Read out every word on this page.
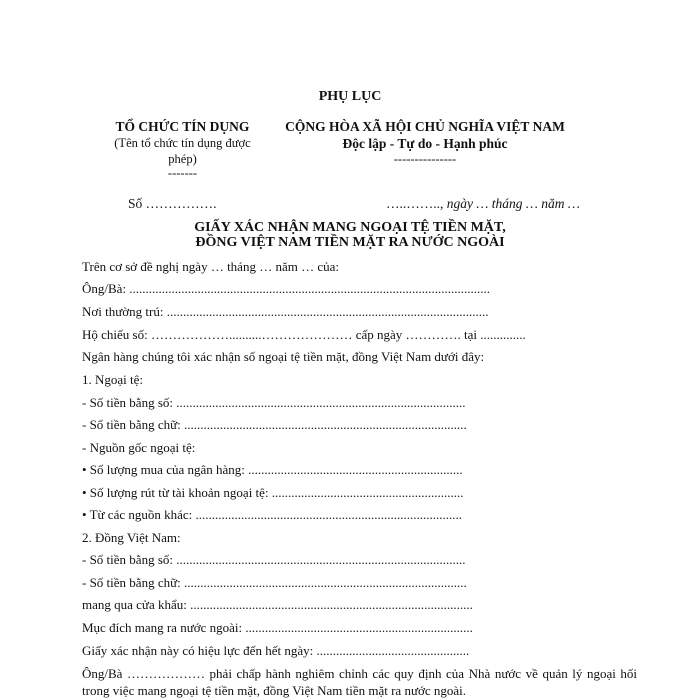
PHỤ LỤC
TỔ CHỨC TÍN DỤNG
(Tên tổ chức tín dụng được
phép)
-------
CỘNG HÒA XÃ HỘI CHỦ NGHĨA VIỆT NAM
Độc lập - Tự do - Hạnh phúc
---------------
Số …………….	…..…….., ngày … tháng … năm …
GIẤY XÁC NHẬN MANG NGOẠI TỆ TIỀN MẶT,
ĐỒNG VIỆT NAM TIỀN MẶT RA NƯỚC NGOÀI
Trên cơ sở đề nghị ngày … tháng … năm … của:
Ông/Bà: ...............................................................................................................
Nơi thường trú: ...................................................................................................
Hộ chiếu số: ………………..........………………… cấp ngày …………. tại ..............
Ngân hàng chúng tôi xác nhận số ngoại tệ tiền mặt, đồng Việt Nam dưới đây:
1. Ngoại tệ:
- Số tiền bằng số: .........................................................................................
- Số tiền bằng chữ: .......................................................................................
- Nguồn gốc ngoại tệ:
• Số lượng mua của ngân hàng: ..................................................................
• Số lượng rút từ tài khoản ngoại tệ: ...........................................................
• Từ các nguồn khác: ..................................................................................
2. Đồng Việt Nam:
- Số tiền bằng số: .........................................................................................
- Số tiền bằng chữ: .......................................................................................
mang qua cửa khẩu: .......................................................................................
Mục đích mang ra nước ngoài: ......................................................................
Giấy xác nhận này có hiệu lực đến hết ngày: ...............................................
Ông/Bà ……………… phải chấp hành nghiêm chỉnh các quy định của Nhà nước về quản lý ngoại hối trong việc mang ngoại tệ tiền mặt, đồng Việt Nam tiền mặt ra nước ngoài.
